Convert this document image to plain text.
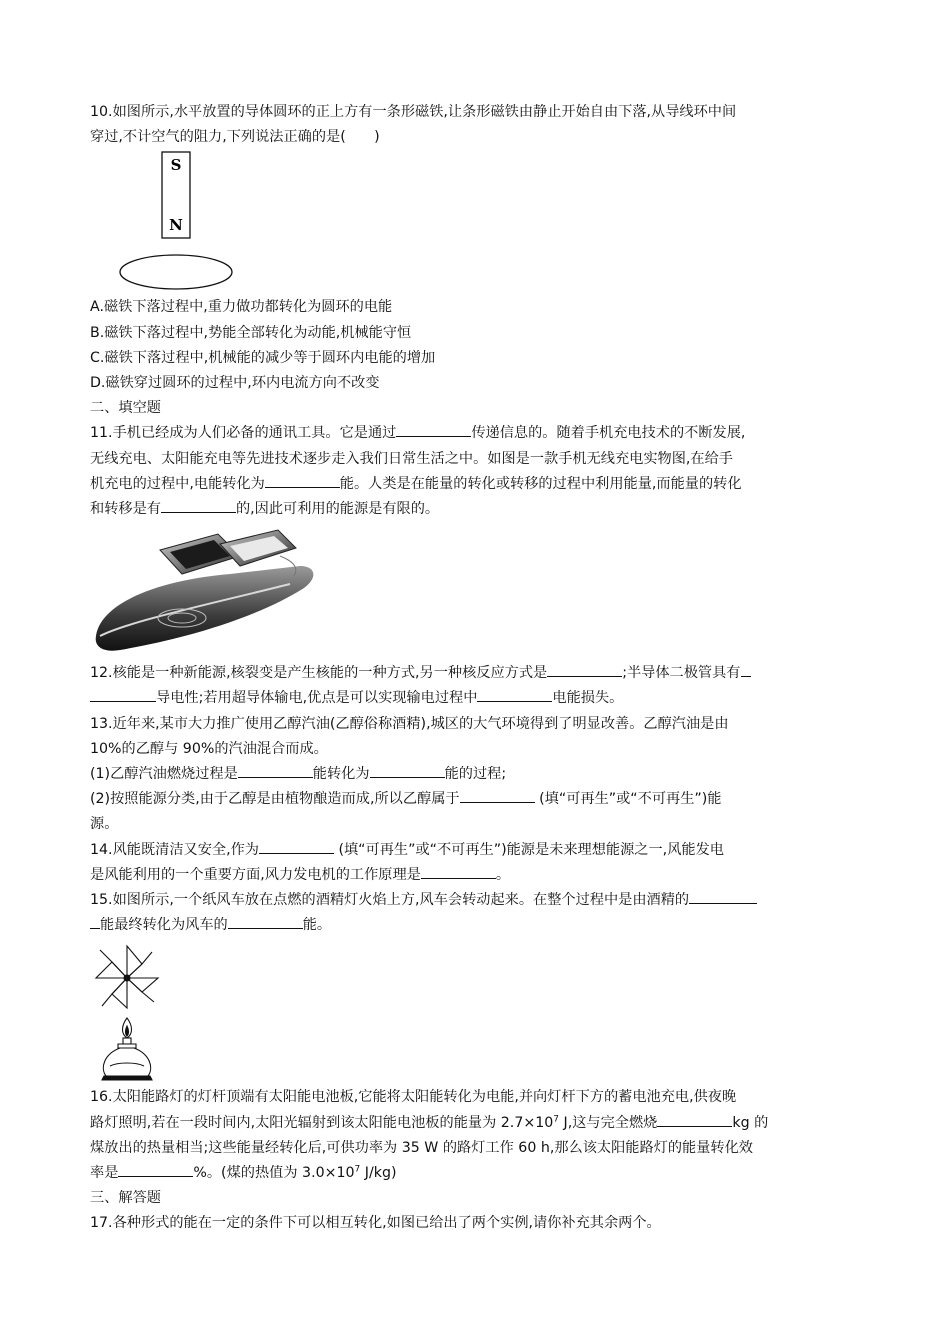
10.如图所示,水平放置的导体圆环的正上方有一条形磁铁,让条形磁铁由静止开始自由下落,从导线环中间

穿过,不计空气的阻力,下列说法正确的是(　　)

S
N

A.磁铁下落过程中,重力做功都转化为圆环的电能

B.磁铁下落过程中,势能全部转化为动能,机械能守恒

C.磁铁下落过程中,机械能的减少等于圆环内电能的增加

D.磁铁穿过圆环的过程中,环内电流方向不改变

二、填空题

11.手机已经成为人们必备的通讯工具。它是通过	传递信息的。随着手机充电技术的不断发展,

无线充电、太阳能充电等先进技术逐步走入我们日常生活之中。如图是一款手机无线充电实物图,在给手

机充电的过程中,电能转化为	能。人类是在能量的转化或转移的过程中利用能量,而能量的转化

和转移是有	的,因此可利用的能源是有限的。

12.核能是一种新能源,核裂变是产生核能的一种方式,另一种核反应方式是	;半导体二极管具有

导电性;若用超导体输电,优点是可以实现输电过程中	电能损失。

13.近年来,某市大力推广使用乙醇汽油(乙醇俗称酒精),城区的大气环境得到了明显改善。乙醇汽油是由

10%的乙醇与 90%的汽油混合而成。

(1)乙醇汽油燃烧过程是	能转化为	能的过程;

(2)按照能源分类,由于乙醇是由植物酿造而成,所以乙醇属于	(填“可再生”或“不可再生”)能

源。

14.风能既清洁又安全,作为	(填“可再生”或“不可再生”)能源是未来理想能源之一,风能发电

是风能利用的一个重要方面,风力发电机的工作原理是	。

15.如图所示,一个纸风车放在点燃的酒精灯火焰上方,风车会转动起来。在整个过程中是由酒精的

能最终转化为风车的	能。

16.太阳能路灯的灯杆顶端有太阳能电池板,它能将太阳能转化为电能,并向灯杆下方的蓄电池充电,供夜晚

路灯照明,若在一段时间内,太阳光辐射到该太阳能电池板的能量为 $2.7\times 10^7$ J,这与完全燃烧	kg 的

煤放出的热量相当;这些能量经转化后,可供功率为 35 W 的路灯工作 60 h,那么该太阳能路灯的能量转化效

率是	%。(煤的热值为 $3.0\times 10^7$ J/kg)

三、解答题

17.各种形式的能在一定的条件下可以相互转化,如图已给出了两个实例,请你补充其余两个。
